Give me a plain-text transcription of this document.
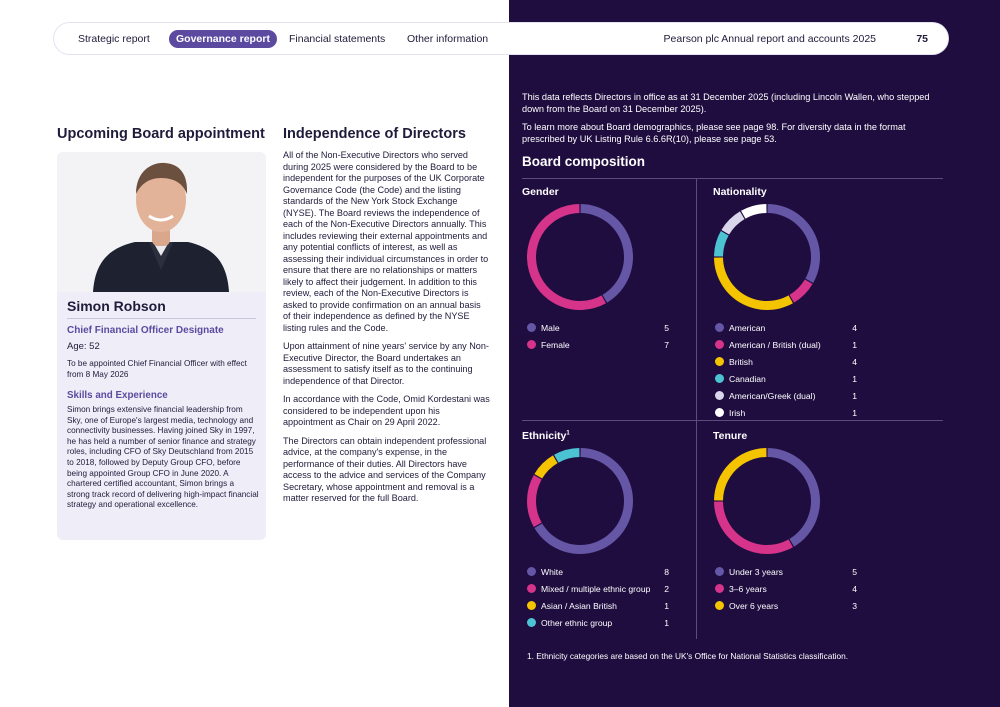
Strategic report	Governance report	Financial statements Other information	Pearson plc Annual report and accounts 2025	75
Upcoming Board appointment
Simon Robson
Chief Financial Officer Designate
Age: 52
To be appointed Chief Financial Officer with effect from 8 May 2026
Skills and Experience
Simon brings extensive financial leadership from Sky, one of Europe's largest media, technology and connectivity businesses. Having joined Sky in 1997, he has held a number of senior finance and strategy roles, including CFO of Sky Deutschland from 2015 to 2018, followed by Deputy Group CFO, before being appointed Group CFO in June 2020. A chartered certified accountant, Simon brings a strong track record of delivering high-impact financial strategy and operational excellence.
Independence of Directors

All of the Non-Executive Directors who served during 2025 were considered by the Board to be independent for the purposes of the UK Corporate Governance Code (the Code) and the listing standards of the New York Stock Exchange (NYSE). The Board reviews the independence of each of the Non-Executive Directors annually. This includes reviewing their external appointments and any potential conflicts of interest, as well as assessing their individual circumstances in order to ensure that there are no relationships or matters likely to affect their judgement. In addition to this review, each of the Non-Executive Directors is asked to provide confirmation on an annual basis of their independence as defined by the NYSE listing rules and the Code.

Upon attainment of nine years' service by any Non-Executive Director, the Board undertakes an assessment to satisfy itself as to the continuing independence of that Director.

In accordance with the Code, Omid Kordestani was considered to be independent upon his appointment as Chair on 29 April 2022.

The Directors can obtain independent professional advice, at the company's expense, in the performance of their duties. All Directors have access to the advice and services of the Company Secretary, whose appointment and removal is a matter reserved for the full Board.

This data reflects Directors in office as at 31 December 2025 (including Lincoln Wallen, who stepped down from the Board on 31 December 2025).

To learn more about Board demographics, please see page 98. For diversity data in the format prescribed by UK Listing Rule 6.6.6R(10), please see page 53.

Board composition
Gender
Male	5
Female	7
Nationality
American	4
American / British (dual)	1
British	4
Canadian	1
American/Greek (dual)	1
Irish	1
Ethnicity$^1$
White	8
Mixed / multiple ethnic group	2
Asian / Asian British	1
Other ethnic group	1
Tenure
Under 3 years	5
3–6 years	4
Over 6 years	3
1. Ethnicity categories are based on the UK's Office for National Statistics classification.
